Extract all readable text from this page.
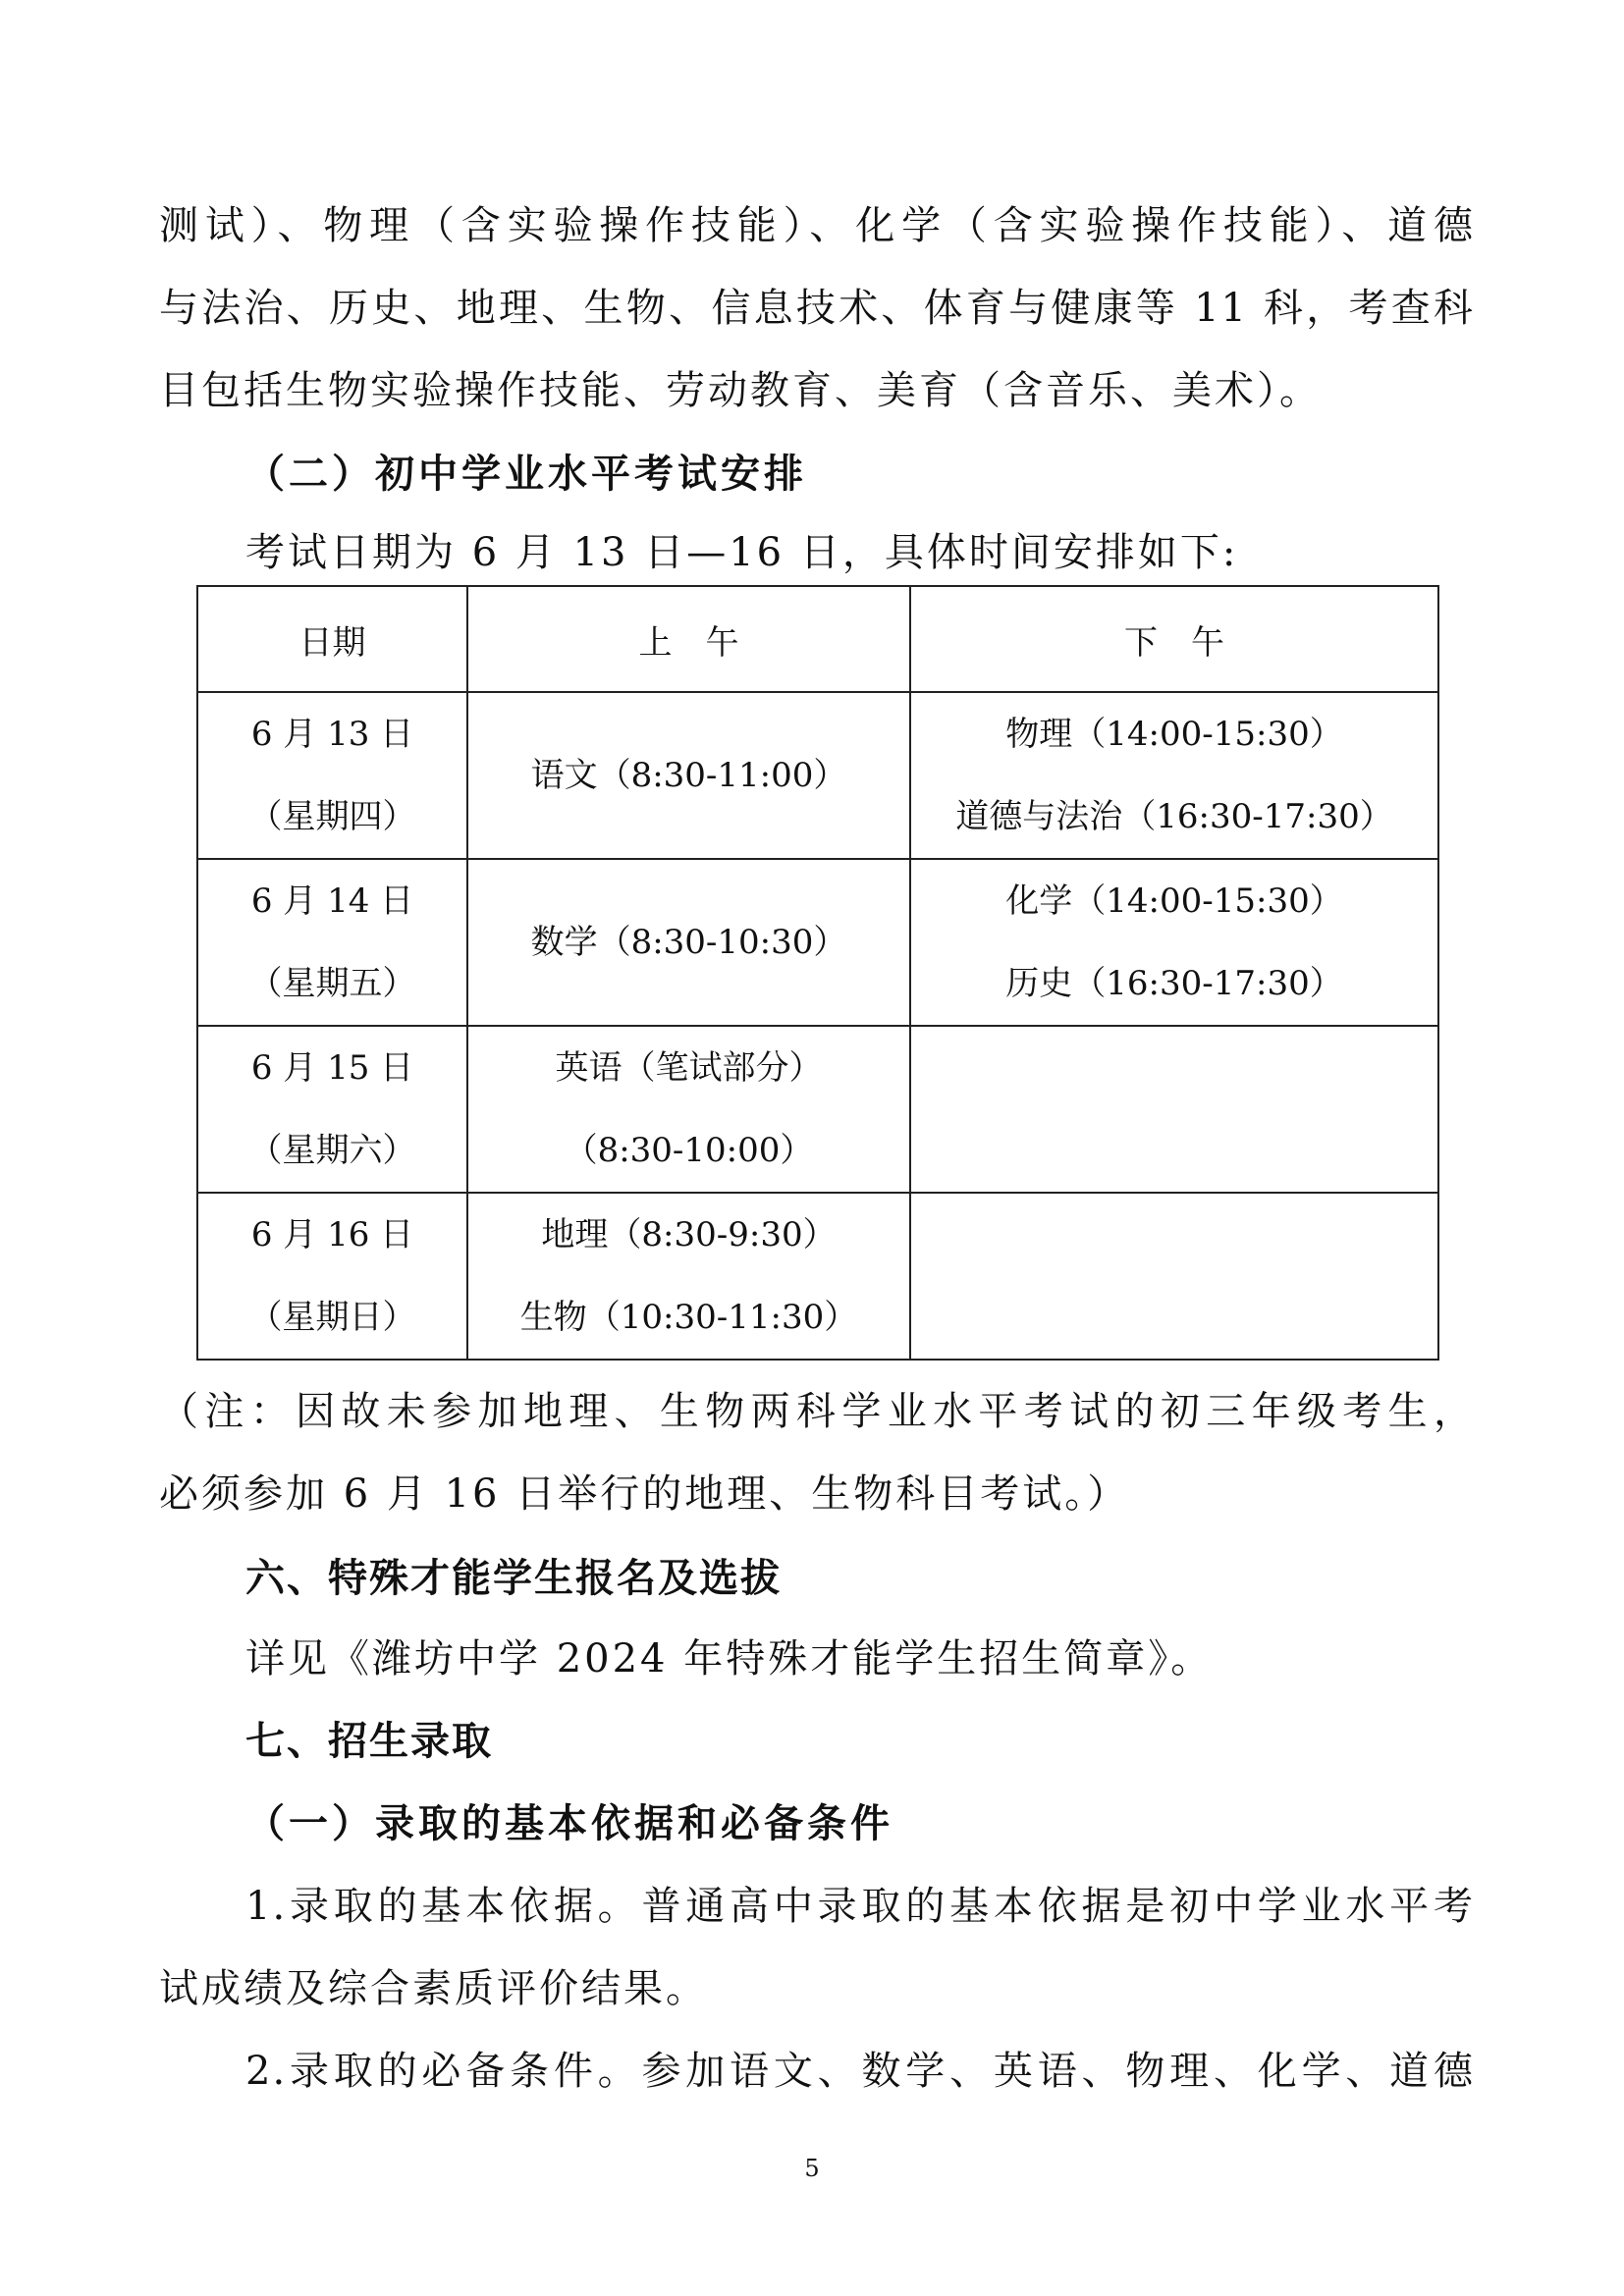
测试）、物理（含实验操作技能）、化学（含实验操作技能）、道德
与法治、历史、地理、生物、信息技术、体育与健康等 11 科，考查科
目包括生物实验操作技能、劳动教育、美育（含音乐、美术）。
（二）初中学业水平考试安排
考试日期为 6 月 13 日—16 日，具体时间安排如下:
日期	上　午	下　午

6 月 13 日
（星期四）	语文（8:30-11:00）	物理（14:00-15:30）
道德与法治（16:30-17:30）

6 月 14 日
（星期五）	数学（8:30-10:30）	化学（14:00-15:30）
历史（16:30-17:30）

6 月 15 日
（星期六）	英语（笔试部分）
（8:30-10:00）	

6 月 16 日
（星期日）	地理（8:30-9:30）
生物（10:30-11:30）	

（注：因故未参加地理、生物两科学业水平考试的初三年级考生，
必须参加 6 月 16 日举行的地理、生物科目考试。）
六、特殊才能学生报名及选拔
详见《潍坊中学 2024 年特殊才能学生招生简章》。
七、招生录取
（一）录取的基本依据和必备条件
1.录取的基本依据。普通高中录取的基本依据是初中学业水平考
试成绩及综合素质评价结果。
2.录取的必备条件。参加语文、数学、英语、物理、化学、道德
5
